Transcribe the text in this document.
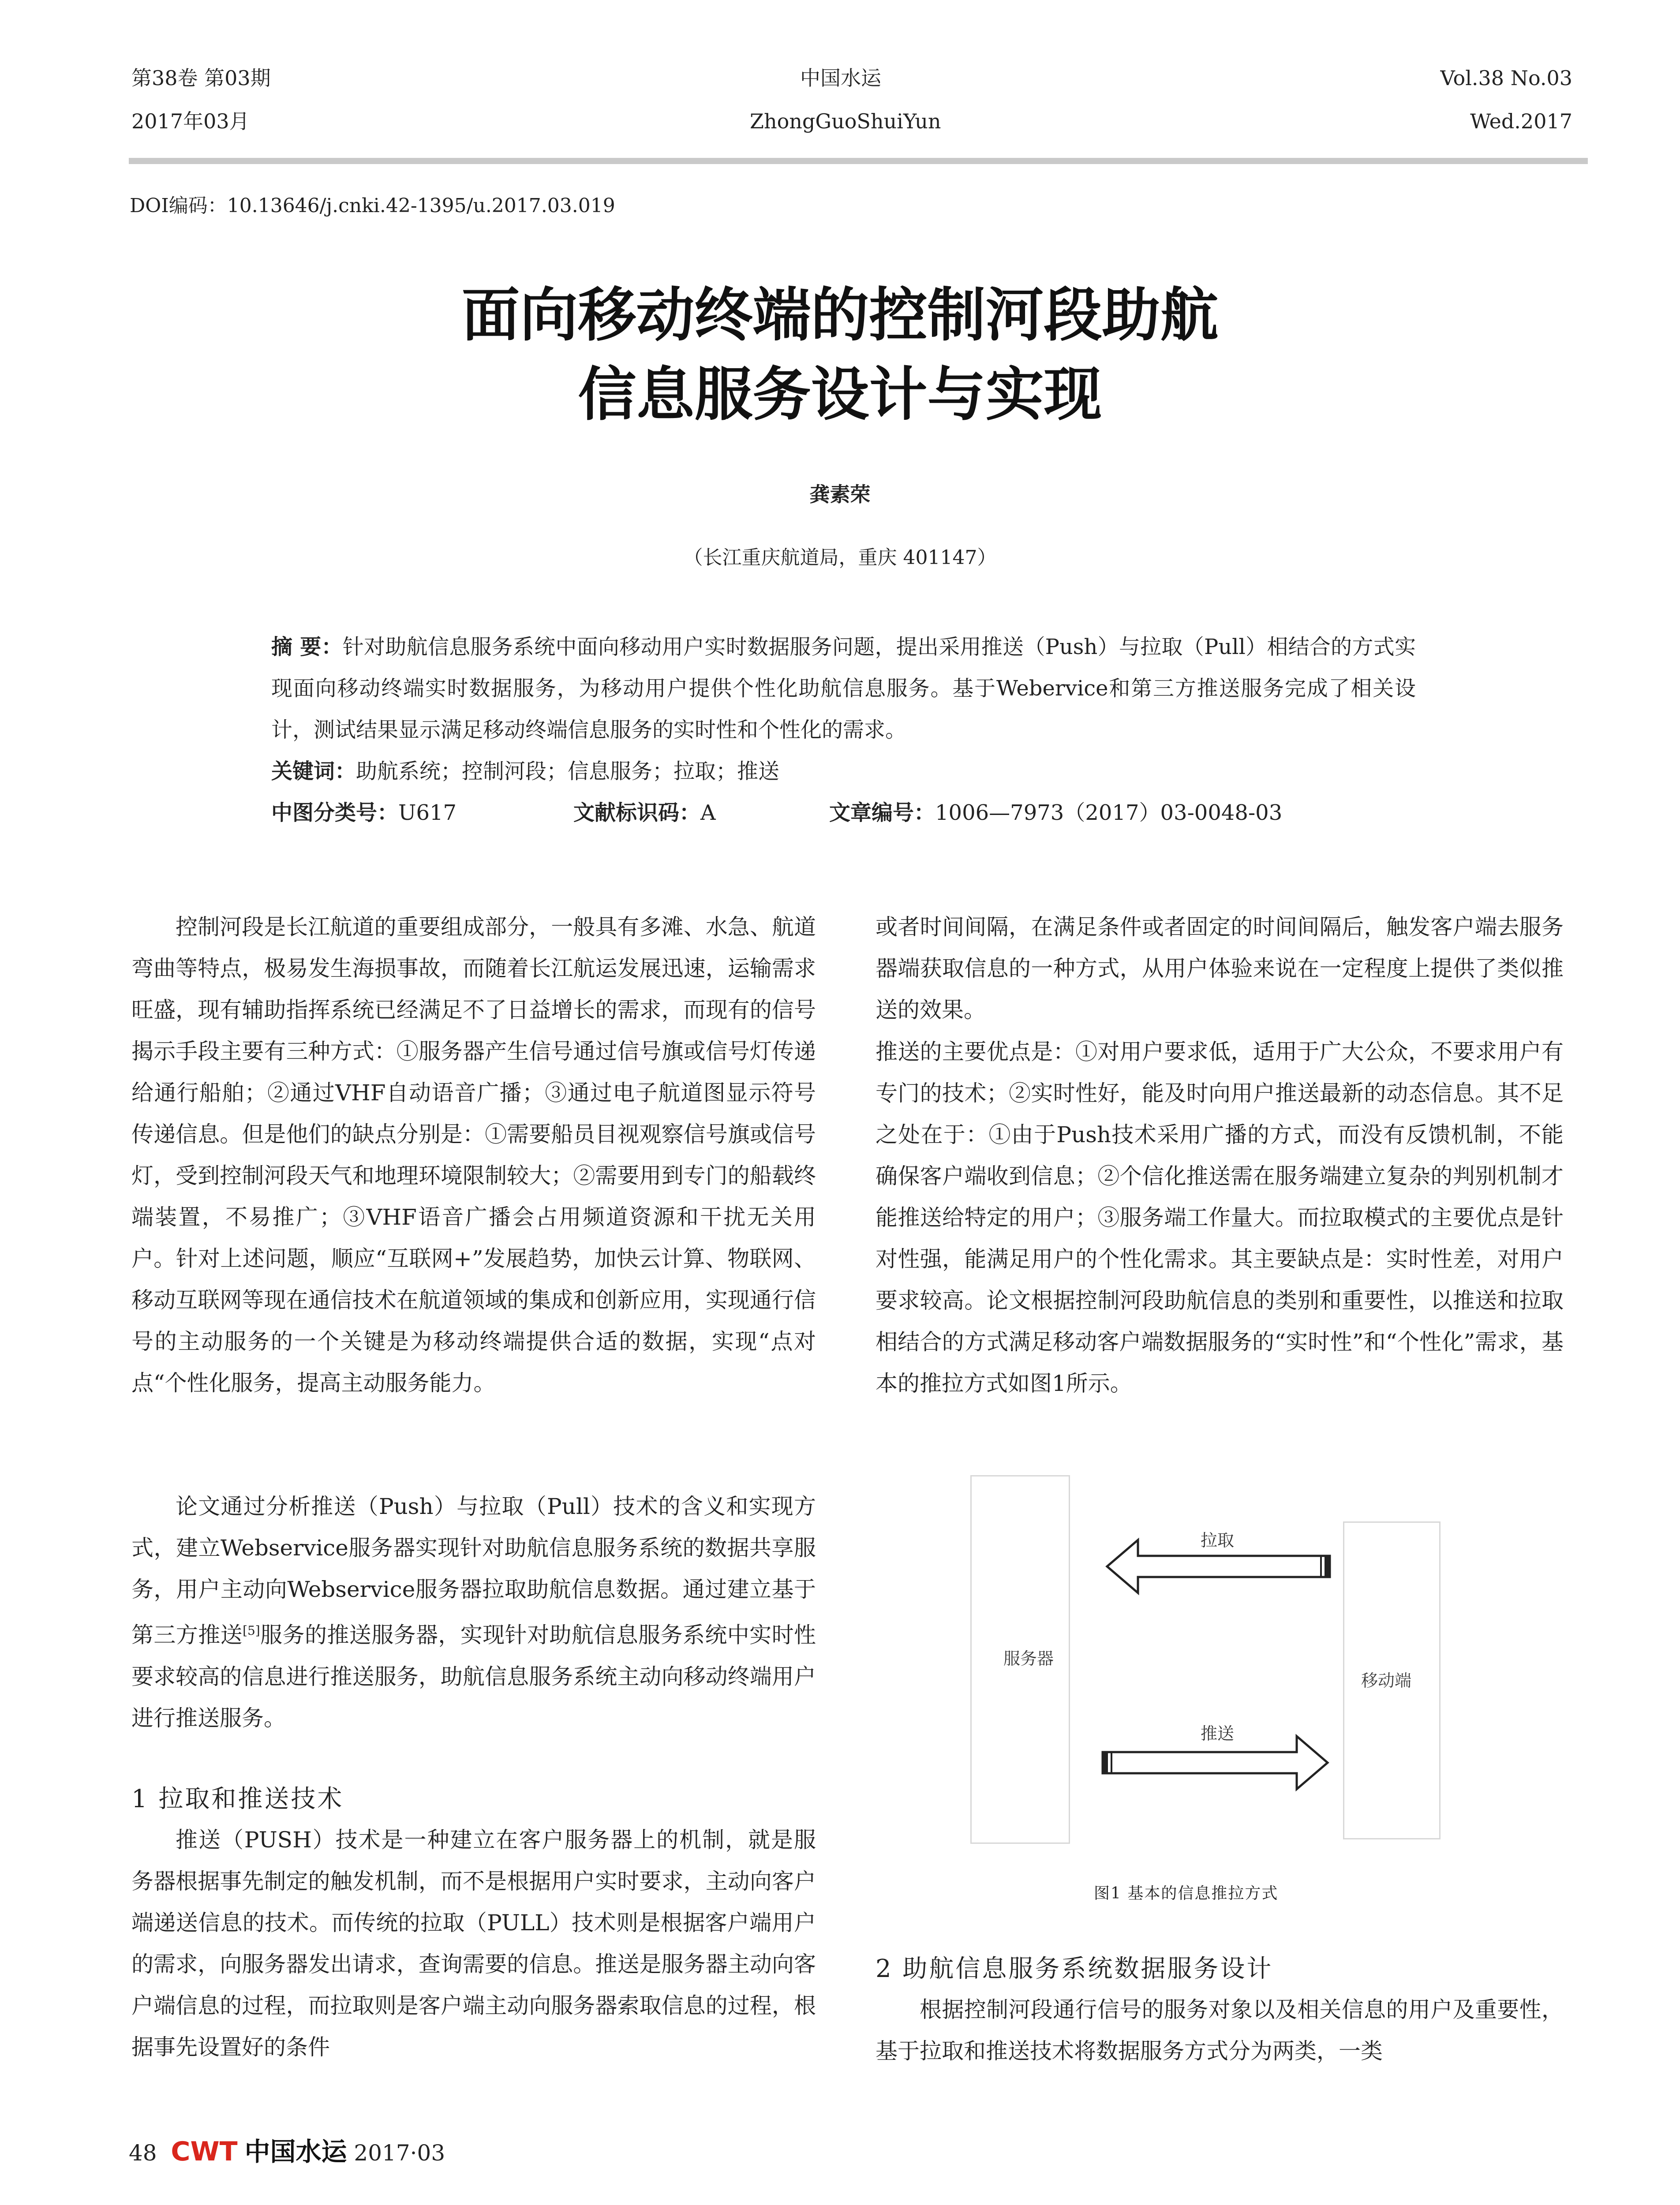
第38卷 第03期
2017年03月
中国水运
ZhongGuoShuiYun
Vol.38 No.03
Wed.2017
DOI编码：10.13646/j.cnki.42-1395/u.2017.03.019
面向移动终端的控制河段助航
信息服务设计与实现
龚素荣
（长江重庆航道局，重庆 401147）
摘 要：针对助航信息服务系统中面向移动用户实时数据服务问题，提出采用推送（Push）与拉取（Pull）相结合的方式实现面向移动终端实时数据服务，为移动用户提供个性化助航信息服务。基于Webervice和第三方推送服务完成了相关设计，测试结果显示满足移动终端信息服务的实时性和个性化的需求。
关键词：助航系统；控制河段；信息服务；拉取；推送
中图分类号：U617	文献标识码：A	文章编号：1006—7973（2017）03-0048-03
控制河段是长江航道的重要组成部分，一般具有多滩、水急、航道弯曲等特点，极易发生海损事故，而随着长江航运发展迅速，运输需求旺盛，现有辅助指挥系统已经满足不了日益增长的需求，而现有的信号揭示手段主要有三种方式：①服务器产生信号通过信号旗或信号灯传递给通行船舶；②通过VHF自动语音广播；③通过电子航道图显示符号传递信息。但是他们的缺点分别是：①需要船员目视观察信号旗或信号灯，受到控制河段天气和地理环境限制较大；②需要用到专门的船载终端装置，不易推广；③VHF语音广播会占用频道资源和干扰无关用户。针对上述问题，顺应“互联网+”发展趋势，加快云计算、物联网、移动互联网等现在通信技术在航道领域的集成和创新应用，实现通行信号的主动服务的一个关键是为移动终端提供合适的数据，实现“点对点“个性化服务，提高主动服务能力。
论文通过分析推送（Push）与拉取（Pull）技术的含义和实现方式，建立Webservice服务器实现针对助航信息服务系统的数据共享服务，用户主动向Webservice服务器拉取助航信息数据。通过建立基于第三方推送[5]服务的推送服务器，实现针对助航信息服务系统中实时性要求较高的信息进行推送服务，助航信息服务系统主动向移动终端用户进行推送服务。
1 拉取和推送技术
推送（PUSH）技术是一种建立在客户服务器上的机制，就是服务器根据事先制定的触发机制，而不是根据用户实时要求，主动向客户端递送信息的技术。而传统的拉取（PULL）技术则是根据客户端用户的需求，向服务器发出请求，查询需要的信息。推送是服务器主动向客户端信息的过程，而拉取则是客户端主动向服务器索取信息的过程，根据事先设置好的条件
或者时间间隔，在满足条件或者固定的时间间隔后，触发客户端去服务器端获取信息的一种方式，从用户体验来说在一定程度上提供了类似推送的效果。
推送的主要优点是：①对用户要求低，适用于广大公众，不要求用户有专门的技术；②实时性好，能及时向用户推送最新的动态信息。其不足之处在于：①由于Push技术采用广播的方式，而没有反馈机制，不能确保客户端收到信息；②个信化推送需在服务端建立复杂的判别机制才能推送给特定的用户；③服务端工作量大。而拉取模式的主要优点是针对性强，能满足用户的个性化需求。其主要缺点是：实时性差，对用户要求较高。论文根据控制河段助航信息的类别和重要性，以推送和拉取相结合的方式满足移动客户端数据服务的“实时性”和“个性化”需求，基本的推拉方式如图1所示。
服务器
移动端
拉取
推送
图1 基本的信息推拉方式
2 助航信息服务系统数据服务设计
根据控制河段通行信号的服务对象以及相关信息的用户及重要性，基于拉取和推送技术将数据服务方式分为两类，一类
48 CWT 中国水运 2017·03
